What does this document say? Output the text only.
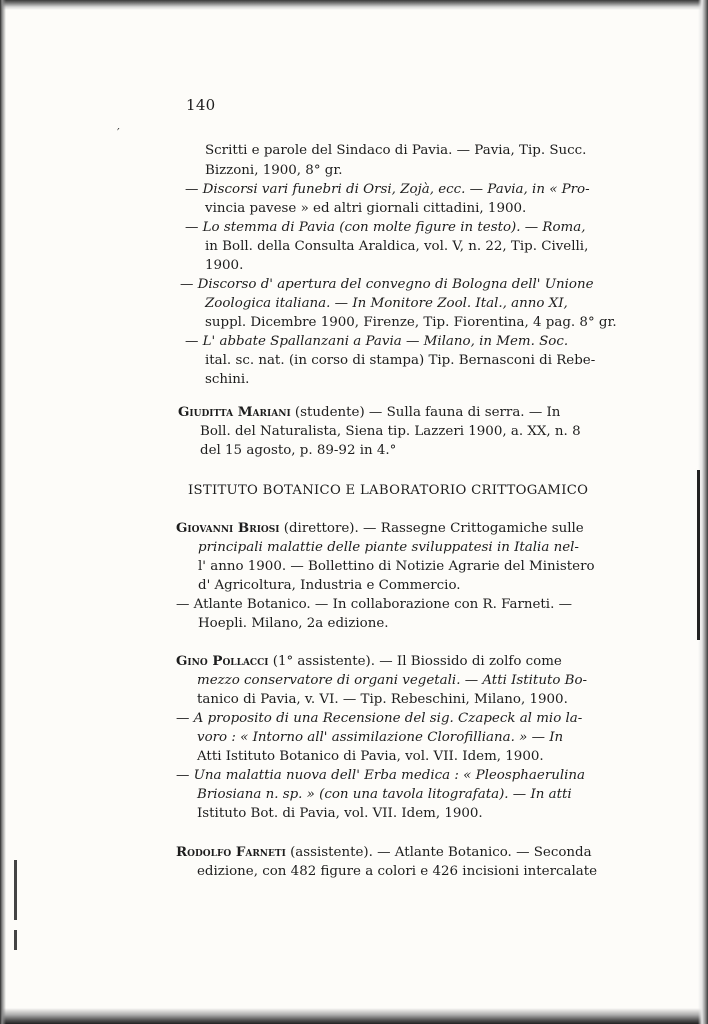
′
140
Scritti e parole del Sindaco di Pavia. — Pavia, Tip. Succ.
Bizzoni, 1900, 8° gr.
— Discorsi vari funebri di Orsi, Zojà, ecc. — Pavia, in « Pro-
vincia pavese » ed altri giornali cittadini, 1900.
— Lo stemma di Pavia (con molte figure in testo). — Roma,
in Boll. della Consulta Araldica, vol. V, n. 22, Tip. Civelli,
1900.
— Discorso d' apertura del convegno di Bologna dell' Unione
Zoologica italiana. — In Monitore Zool. Ital., anno XI,
suppl. Dicembre 1900, Firenze, Tip. Fiorentina, 4 pag. 8° gr.
— L' abbate Spallanzani a Pavia — Milano, in Mem. Soc.
ital. sc. nat. (in corso di stampa) Tip. Bernasconi di Rebe-
schini.
Giuditta Mariani (studente) — Sulla fauna di serra. — In
Boll. del Naturalista, Siena tip. Lazzeri 1900, a. XX, n. 8
del 15 agosto, p. 89-92 in 4.°
ISTITUTO BOTANICO E LABORATORIO CRITTOGAMICO
Giovanni Briosi (direttore). — Rassegne Crittogamiche sulle
principali malattie delle piante sviluppatesi in Italia nel-
l' anno 1900. — Bollettino di Notizie Agrarie del Ministero
d' Agricoltura, Industria e Commercio.
— Atlante Botanico. — In collaborazione con R. Farneti. —
Hoepli. Milano, 2a edizione.
Gino Pollacci (1° assistente). — Il Biossido di zolfo come
mezzo conservatore di organi vegetali. — Atti Istituto Bo-
tanico di Pavia, v. VI. — Tip. Rebeschini, Milano, 1900.
— A proposito di una Recensione del sig. Czapeck al mio la-
voro : « Intorno all' assimilazione Clorofilliana. » — In
Atti Istituto Botanico di Pavia, vol. VII. Idem, 1900.
— Una malattia nuova dell' Erba medica : « Pleosphaerulina
Briosiana n. sp. » (con una tavola litografata). — In atti
Istituto Bot. di Pavia, vol. VII. Idem, 1900.
Rodolfo Farneti (assistente). — Atlante Botanico. — Seconda
edizione, con 482 figure a colori e 426 incisioni intercalate
